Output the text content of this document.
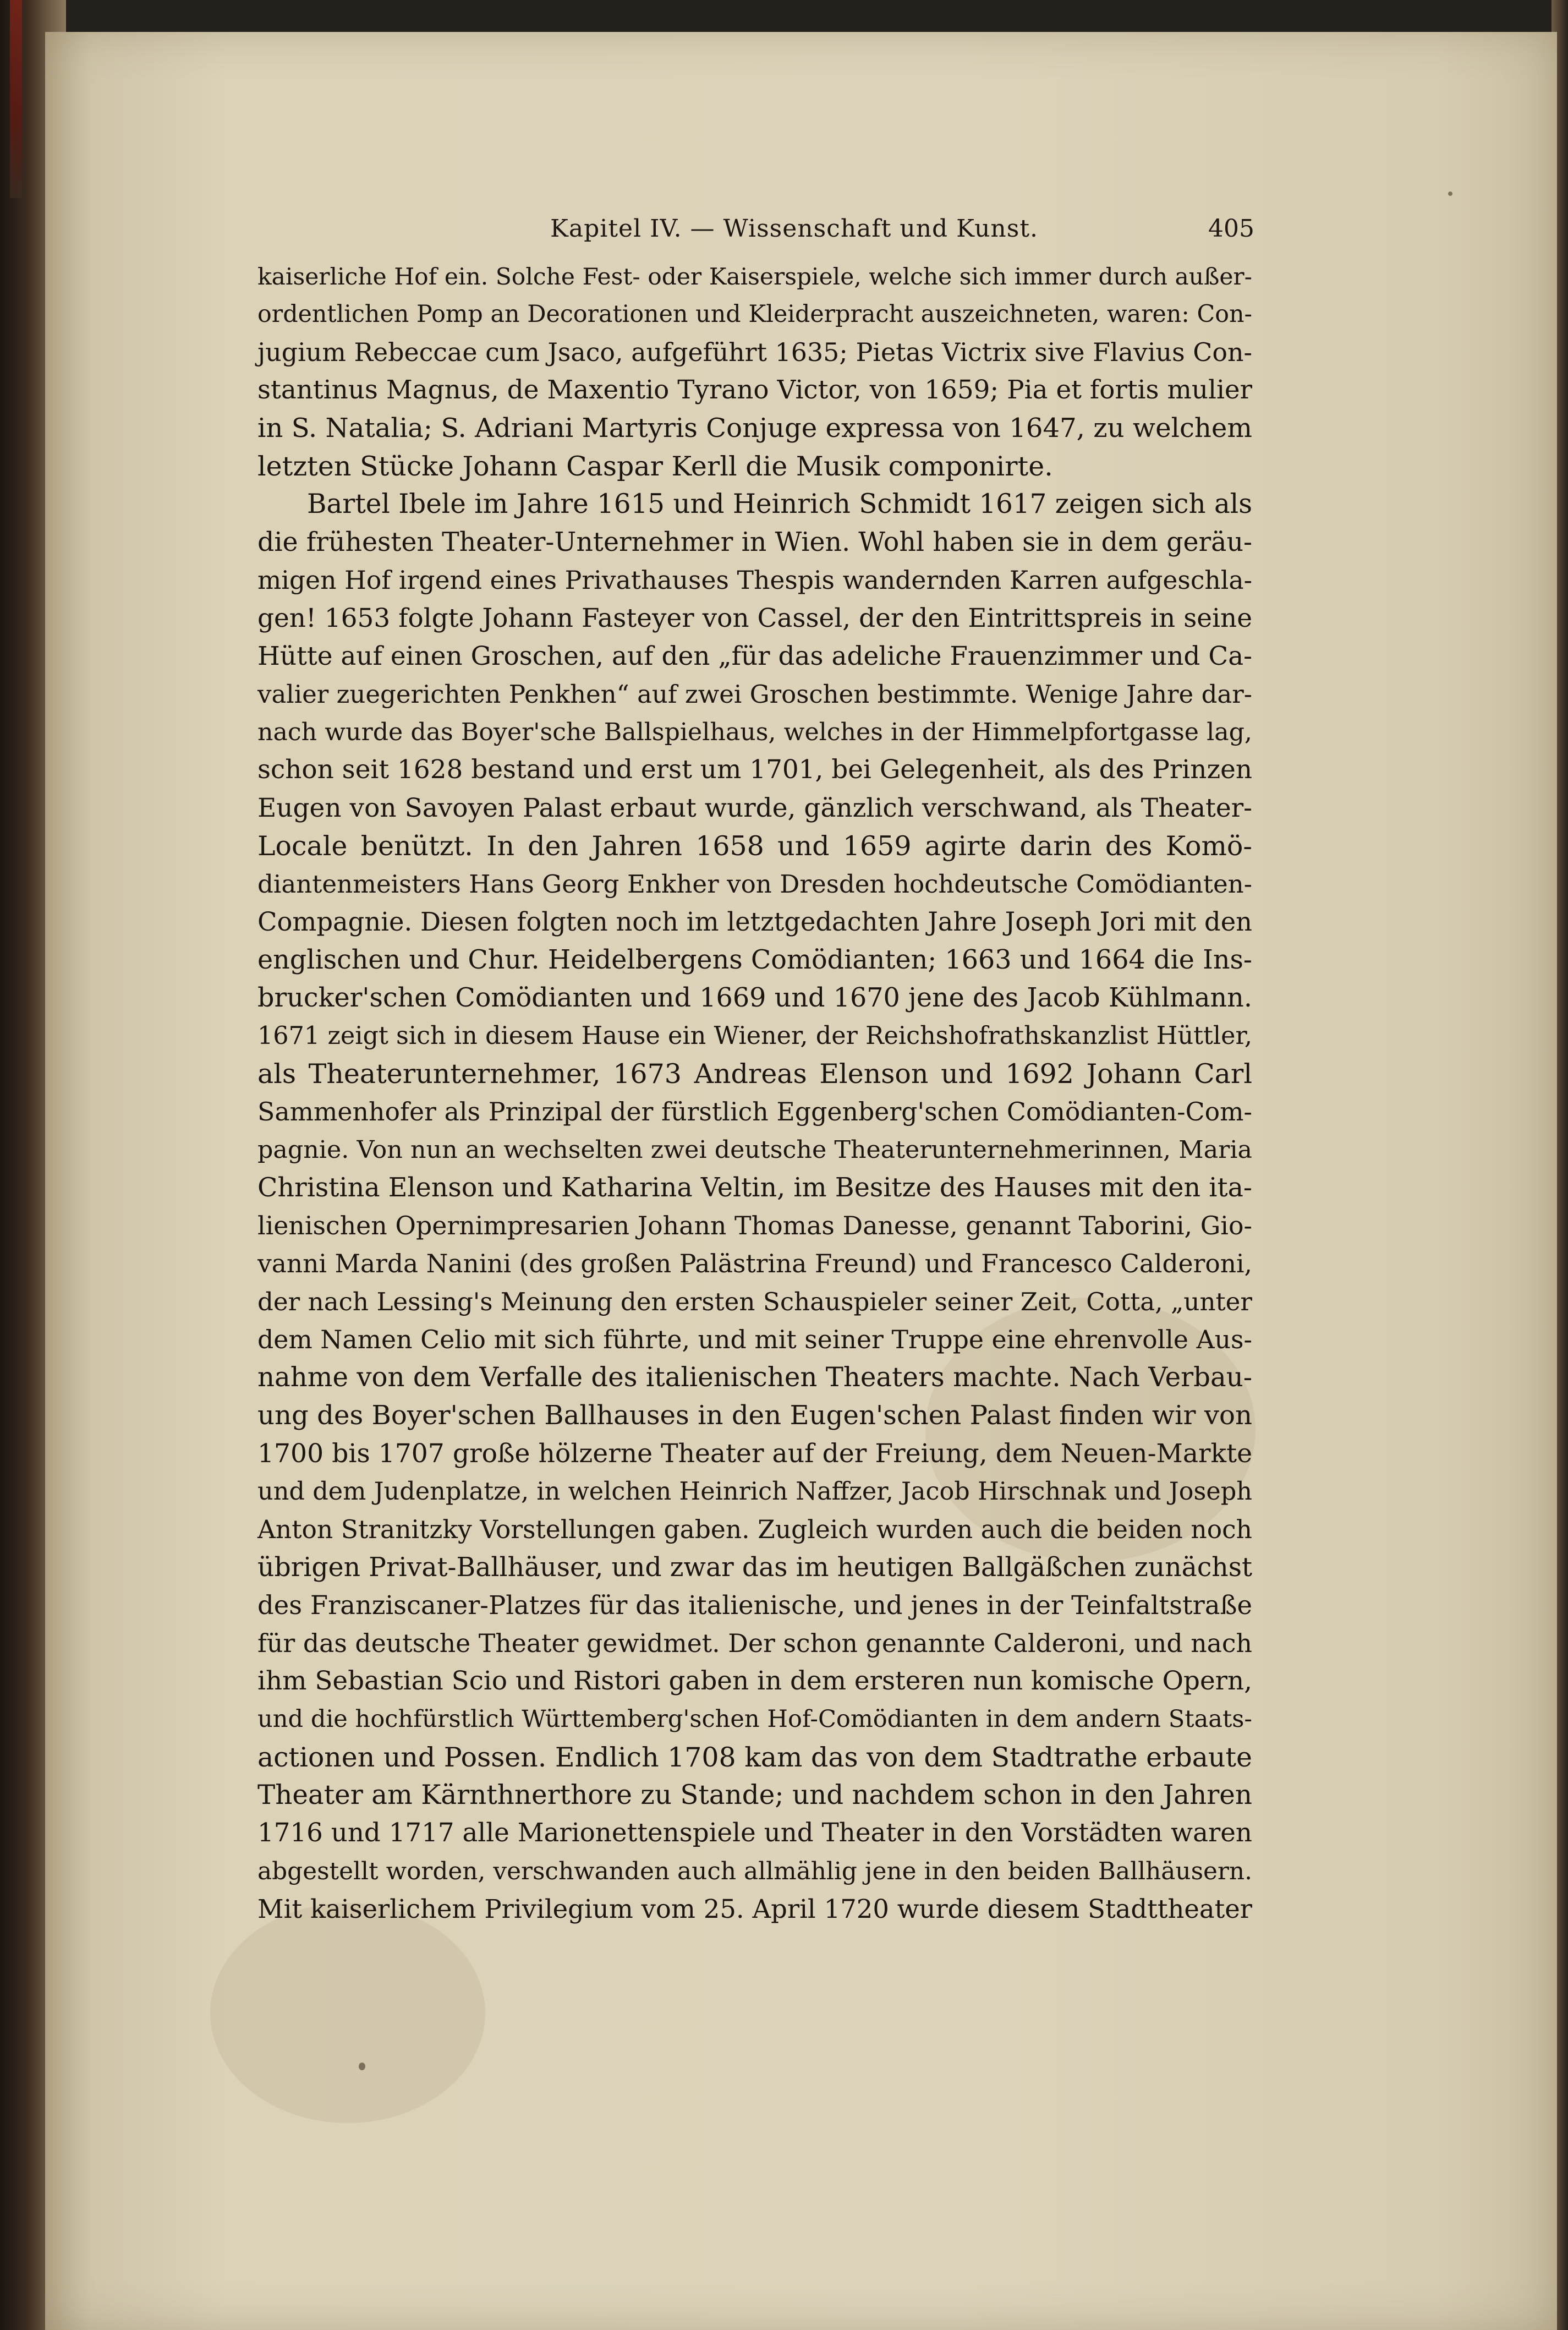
Kapitel IV. — Wissenschaft und Kunst.	405
kaiserliche Hof ein. Solche Fest- oder Kaiserspiele, welche sich immer durch außer-
ordentlichen Pomp an Decorationen und Kleiderpracht auszeichneten, waren: Con-
jugium Rebeccae cum Jsaco, aufgeführt 1635; Pietas Victrix sive Flavius Con-
stantinus Magnus, de Maxentio Tyrano Victor, von 1659; Pia et fortis mulier
in S. Natalia; S. Adriani Martyris Conjuge expressa von 1647, zu welchem
letzten Stücke Johann Caspar Kerll die Musik componirte.
Bartel Ibele im Jahre 1615 und Heinrich Schmidt 1617 zeigen sich als
die frühesten Theater-Unternehmer in Wien. Wohl haben sie in dem geräu-
migen Hof irgend eines Privathauses Thespis wandernden Karren aufgeschla-
gen! 1653 folgte Johann Fasteyer von Cassel, der den Eintrittspreis in seine
Hütte auf einen Groschen, auf den „für das adeliche Frauenzimmer und Ca-
valier zuegerichten Penkhen“ auf zwei Groschen bestimmte. Wenige Jahre dar-
nach wurde das Boyer'sche Ballspielhaus, welches in der Himmelpfortgasse lag,
schon seit 1628 bestand und erst um 1701, bei Gelegenheit, als des Prinzen
Eugen von Savoyen Palast erbaut wurde, gänzlich verschwand, als Theater-
Locale benützt. In den Jahren 1658 und 1659 agirte darin des Komö-
diantenmeisters Hans Georg Enkher von Dresden hochdeutsche Comödianten-
Compagnie. Diesen folgten noch im letztgedachten Jahre Joseph Jori mit den
englischen und Chur. Heidelbergens Comödianten; 1663 und 1664 die Ins-
brucker'schen Comödianten und 1669 und 1670 jene des Jacob Kühlmann.
1671 zeigt sich in diesem Hause ein Wiener, der Reichshofrathskanzlist Hüttler,
als Theaterunternehmer, 1673 Andreas Elenson und 1692 Johann Carl
Sammenhofer als Prinzipal der fürstlich Eggenberg'schen Comödianten-Com-
pagnie. Von nun an wechselten zwei deutsche Theaterunternehmerinnen, Maria
Christina Elenson und Katharina Veltin, im Besitze des Hauses mit den ita-
lienischen Opernimpresarien Johann Thomas Danesse, genannt Taborini, Gio-
vanni Marda Nanini (des großen Palästrina Freund) und Francesco Calderoni,
der nach Lessing's Meinung den ersten Schauspieler seiner Zeit, Cotta, „unter
dem Namen Celio mit sich führte, und mit seiner Truppe eine ehrenvolle Aus-
nahme von dem Verfalle des italienischen Theaters machte. Nach Verbau-
ung des Boyer'schen Ballhauses in den Eugen'schen Palast finden wir von
1700 bis 1707 große hölzerne Theater auf der Freiung, dem Neuen-Markte
und dem Judenplatze, in welchen Heinrich Naffzer, Jacob Hirschnak und Joseph
Anton Stranitzky Vorstellungen gaben. Zugleich wurden auch die beiden noch
übrigen Privat-Ballhäuser, und zwar das im heutigen Ballgäßchen zunächst
des Franziscaner-Platzes für das italienische, und jenes in der Teinfaltstraße
für das deutsche Theater gewidmet. Der schon genannte Calderoni, und nach
ihm Sebastian Scio und Ristori gaben in dem ersteren nun komische Opern,
und die hochfürstlich Württemberg'schen Hof-Comödianten in dem andern Staats-
actionen und Possen. Endlich 1708 kam das von dem Stadtrathe erbaute
Theater am Kärnthnerthore zu Stande; und nachdem schon in den Jahren
1716 und 1717 alle Marionettenspiele und Theater in den Vorstädten waren
abgestellt worden, verschwanden auch allmählig jene in den beiden Ballhäusern.
Mit kaiserlichem Privilegium vom 25. April 1720 wurde diesem Stadttheater
